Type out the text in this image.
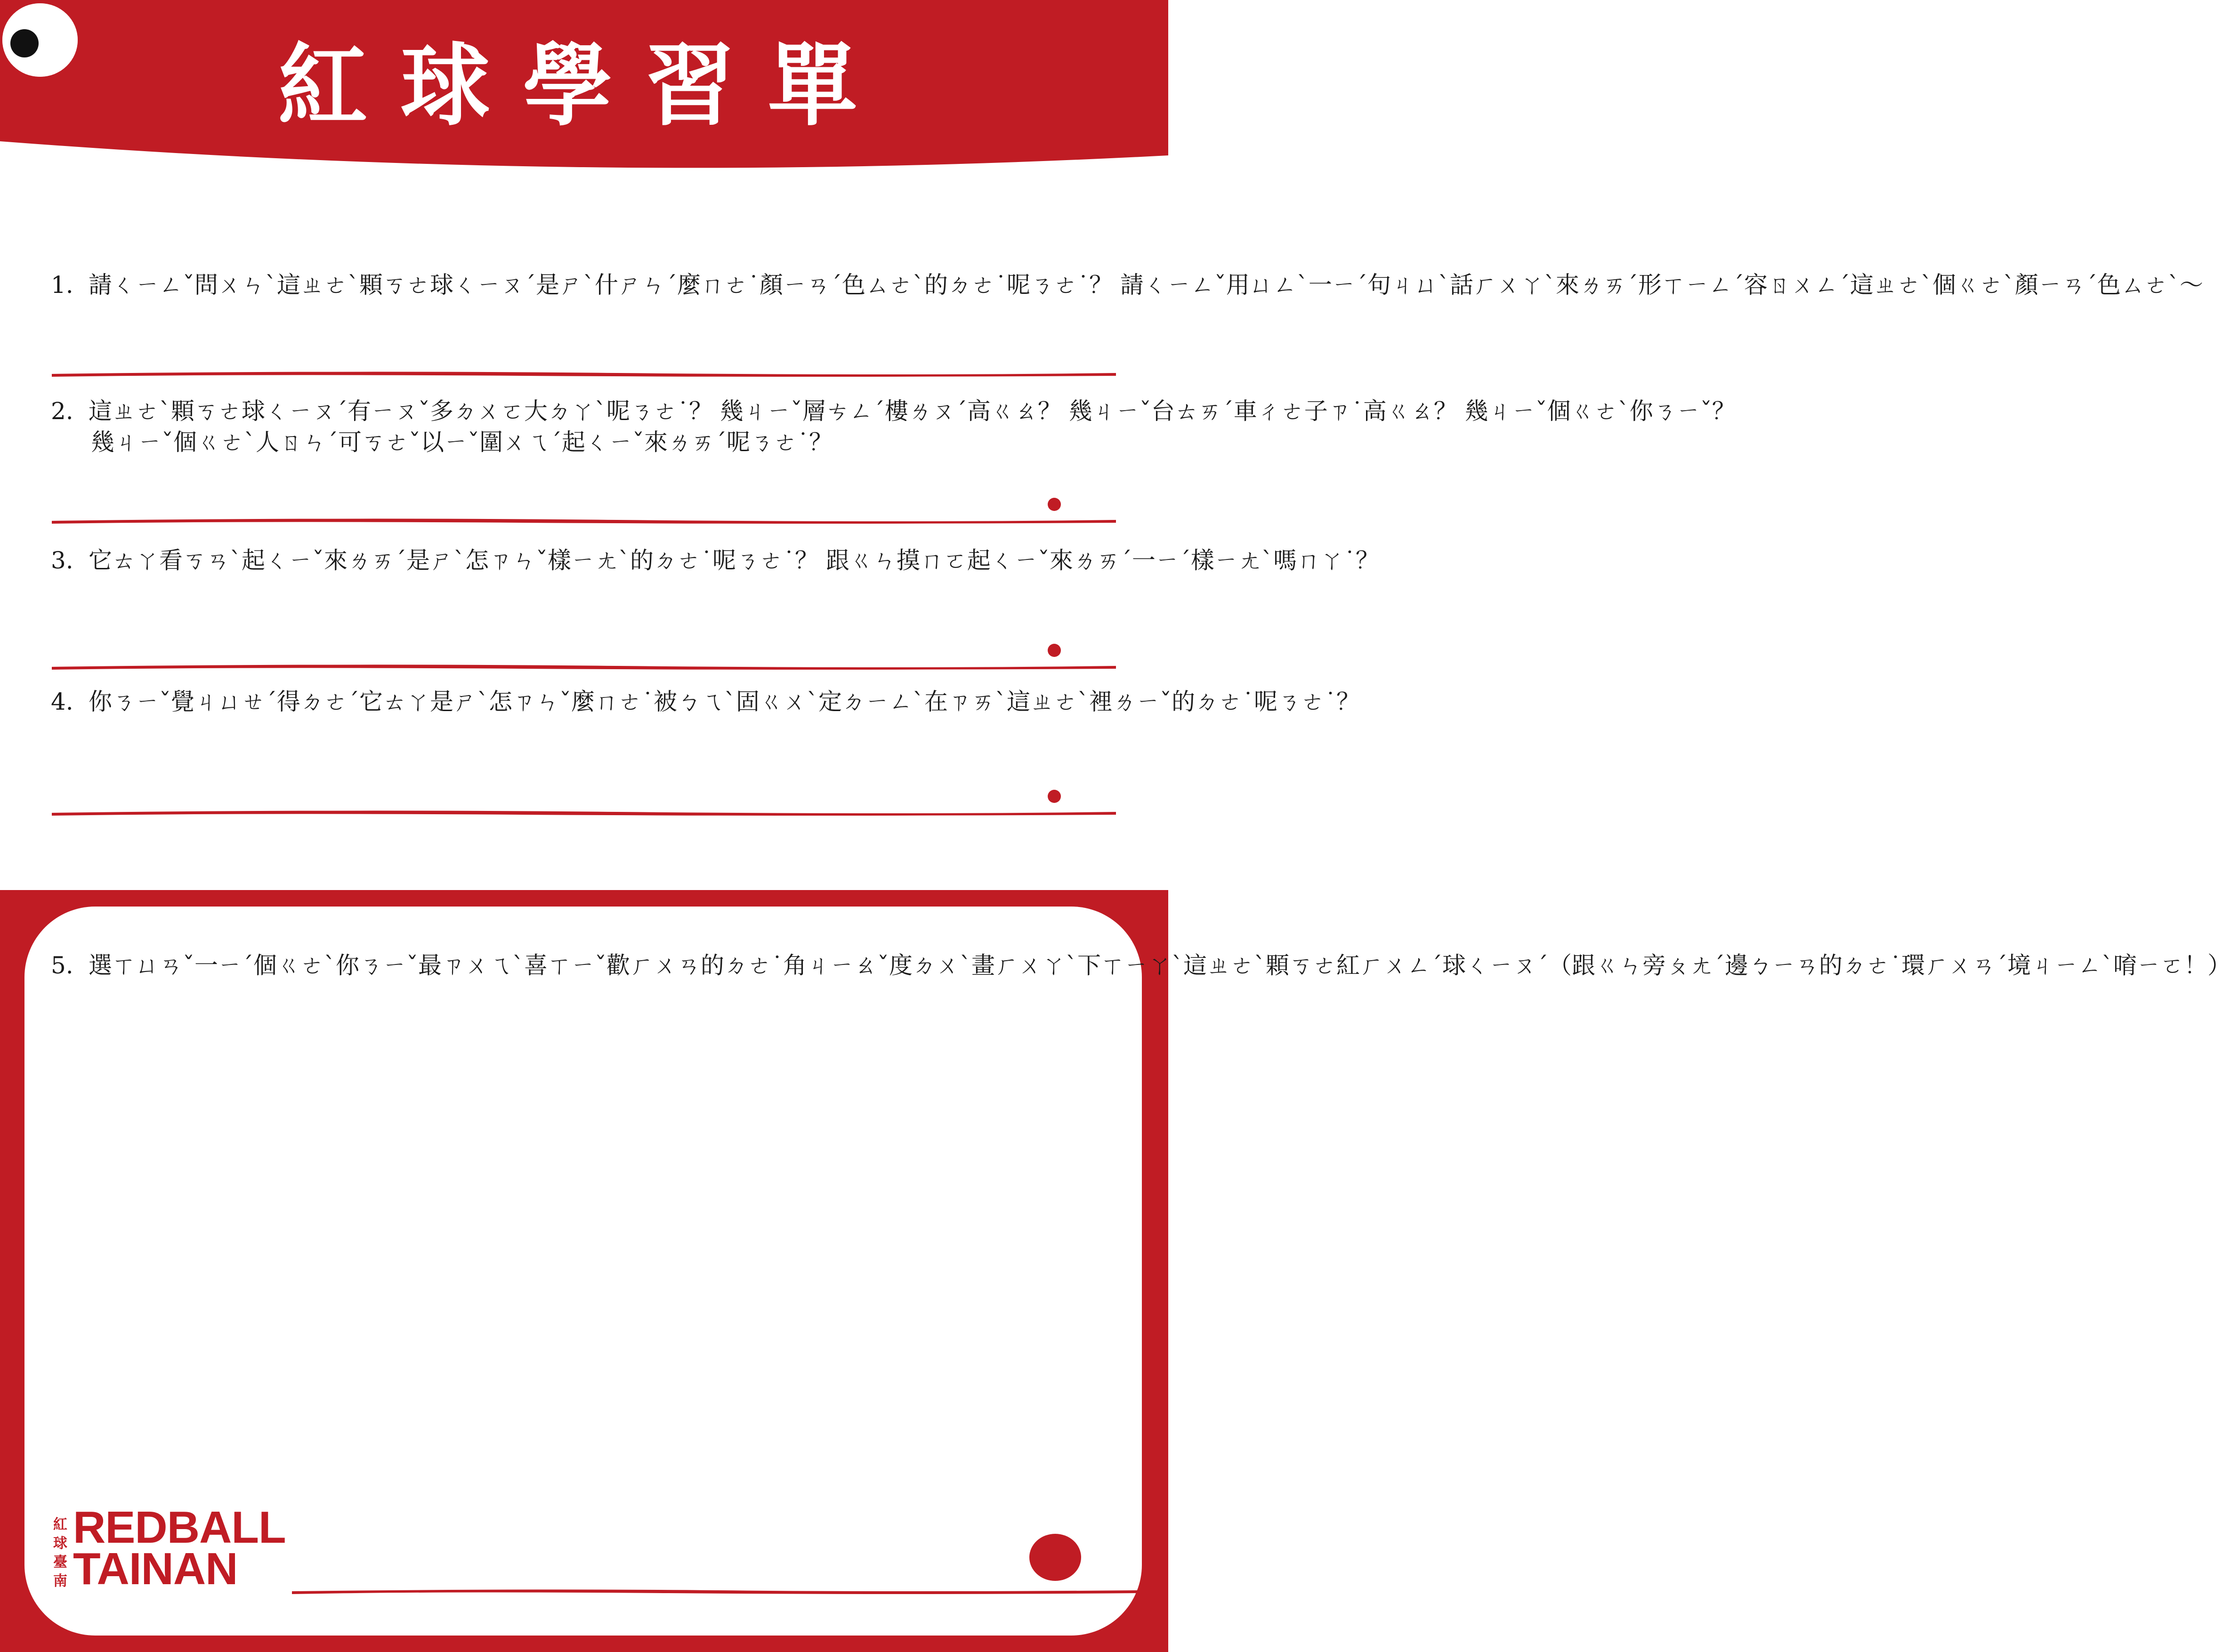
紅球學習單
1. 請ㄑㄧㄥˇ問ㄨㄣˋ這ㄓㄜˋ顆ㄎㄜ球ㄑㄧㄡˊ是ㄕˋ什ㄕㄣˊ麼ㄇㄜ˙顏ㄧㄢˊ色ㄙㄜˋ的ㄉㄜ˙呢ㄋㄜ˙？ 請ㄑㄧㄥˇ用ㄩㄥˋ一ㄧˊ句ㄐㄩˋ話ㄏㄨㄚˋ來ㄌㄞˊ形ㄒㄧㄥˊ容ㄖㄨㄥˊ這ㄓㄜˋ個ㄍㄜˋ顏ㄧㄢˊ色ㄙㄜˋ～
2. 這ㄓㄜˋ顆ㄎㄜ球ㄑㄧㄡˊ有ㄧㄡˇ多ㄉㄨㄛ大ㄉㄚˋ呢ㄋㄜ˙？ 幾ㄐㄧˇ層ㄘㄥˊ樓ㄌㄡˊ高ㄍㄠ？ 幾ㄐㄧˇ台ㄊㄞˊ車ㄔㄜ子ㄗ˙高ㄍㄠ？ 幾ㄐㄧˇ個ㄍㄜˋ你ㄋㄧˇ？
幾ㄐㄧˇ個ㄍㄜˋ人ㄖㄣˊ可ㄎㄜˇ以ㄧˇ圍ㄨㄟˊ起ㄑㄧˇ來ㄌㄞˊ呢ㄋㄜ˙？
3. 它ㄊㄚ看ㄎㄢˋ起ㄑㄧˇ來ㄌㄞˊ是ㄕˋ怎ㄗㄣˇ樣ㄧㄤˋ的ㄉㄜ˙呢ㄋㄜ˙？ 跟ㄍㄣ摸ㄇㄛ起ㄑㄧˇ來ㄌㄞˊ一ㄧˊ樣ㄧㄤˋ嗎ㄇㄚ˙？
4. 你ㄋㄧˇ覺ㄐㄩㄝˊ得ㄉㄜˊ它ㄊㄚ是ㄕˋ怎ㄗㄣˇ麼ㄇㄜ˙被ㄅㄟˋ固ㄍㄨˋ定ㄉㄧㄥˋ在ㄗㄞˋ這ㄓㄜˋ裡ㄌㄧˇ的ㄉㄜ˙呢ㄋㄜ˙？
5. 選ㄒㄩㄢˇ一ㄧˊ個ㄍㄜˋ你ㄋㄧˇ最ㄗㄨㄟˋ喜ㄒㄧˇ歡ㄏㄨㄢ的ㄉㄜ˙角ㄐㄧㄠˇ度ㄉㄨˋ畫ㄏㄨㄚˋ下ㄒㄧㄚˋ這ㄓㄜˋ顆ㄎㄜ紅ㄏㄨㄥˊ球ㄑㄧㄡˊ（跟ㄍㄣ旁ㄆㄤˊ邊ㄅㄧㄢ的ㄉㄜ˙環ㄏㄨㄢˊ境ㄐㄧㄥˋ唷ㄧㄛ！）
紅
球
臺
南
REDBALL
TAINAN
